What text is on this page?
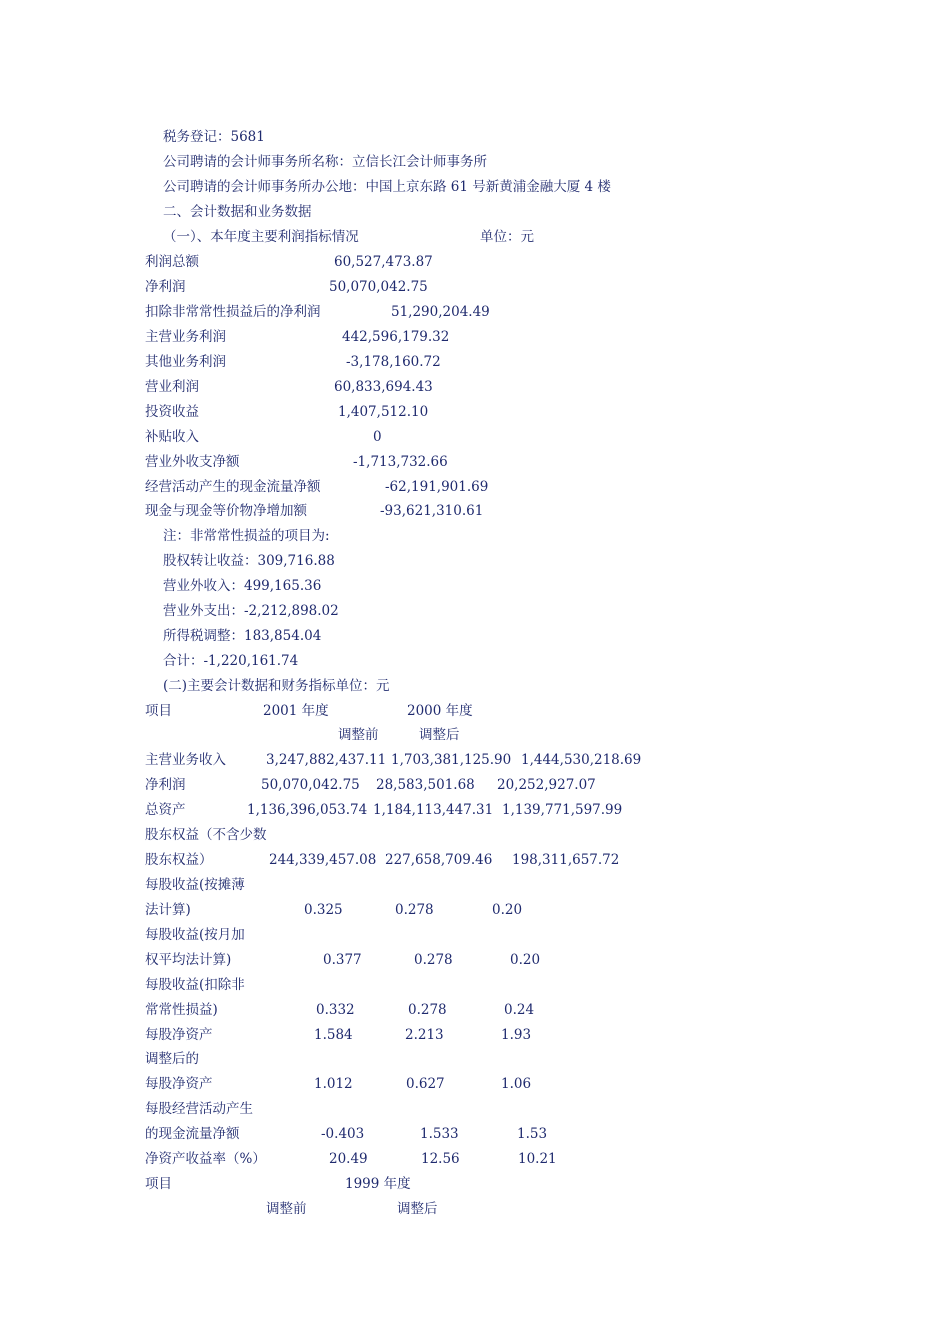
税务登记：5681
公司聘请的会计师事务所名称：立信长江会计师事务所
公司聘请的会计师事务所办公地：中国上京东路 61 号新黄浦金融大厦 4 楼
二、会计数据和业务数据
（一）、本年度主要利润指标情况	单位：元
利润总额	60,527,473.87
净利润	50,070,042.75
扣除非常常性损益后的净利润	51,290,204.49
主营业务利润	442,596,179.32
其他业务利润	-3,178,160.72
营业利润	60,833,694.43
投资收益	1,407,512.10
补贴收入	0
营业外收支净额	-1,713,732.66
经营活动产生的现金流量净额	-62,191,901.69
现金与现金等价物净增加额	-93,621,310.61
注：非常常性损益的项目为:
股权转让收益：309,716.88
营业外收入：499,165.36
营业外支出：-2,212,898.02
所得税调整：183,854.04
合计：-1,220,161.74
(二)主要会计数据和财务指标单位：元
项目	2001 年度	2000 年度
调整前	调整后
主营业务收入	3,247,882,437.11 1,703,381,125.90 1,444,530,218.69
净利润	50,070,042.75 28,583,501.68 20,252,927.07
总资产	1,136,396,053.74 1,184,113,447.31 1,139,771,597.99
股东权益（不含少数
股东权益）	244,339,457.08 227,658,709.46 198,311,657.72
每股收益(按摊薄
法计算)	0.325	0.278	0.20
每股收益(按月加
权平均法计算)	0.377	0.278	0.20
每股收益(扣除非
常常性损益)	0.332	0.278	0.24
每股净资产	1.584	2.213	1.93
调整后的
每股净资产	1.012	0.627	1.06
每股经营活动产生
的现金流量净额	-0.403	1.533	1.53
净资产收益率（%）	20.49	12.56	10.21
项目	1999 年度
调整前	调整后
